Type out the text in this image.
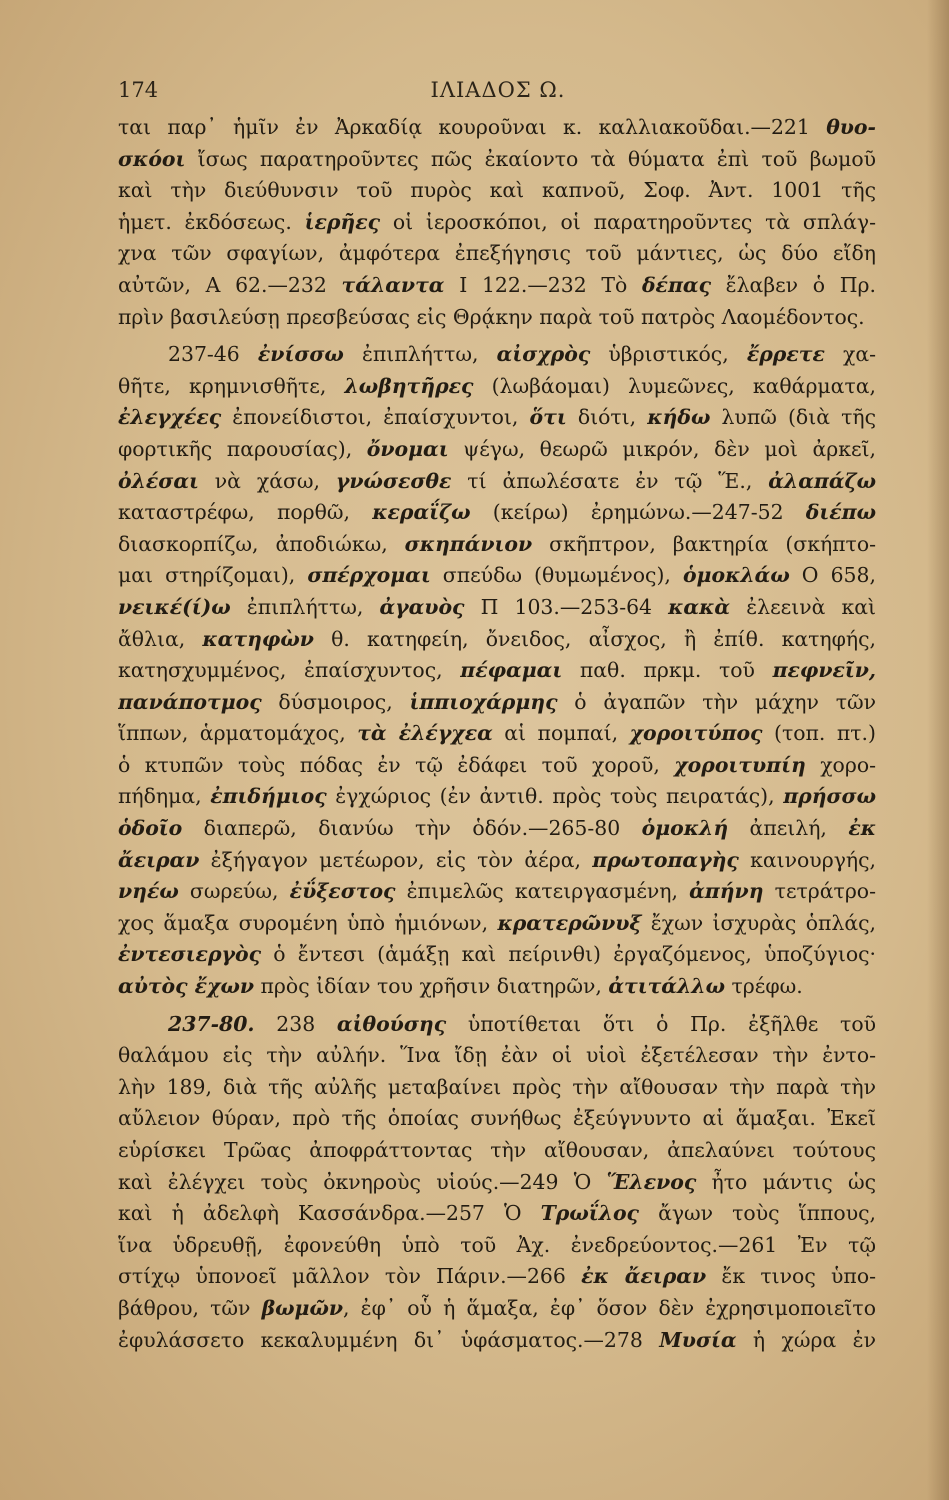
174	ΙΛΙΑΔΟΣ Ω.
ται παρ᾽ ἡμῖν ἐν Ἀρκαδίᾳ κουροῦναι κ. καλλιακοῦδαι.—221 θυο-
σκόοι ἴσως παρατηροῦντες πῶς ἐκαίοντο τὰ θύματα ἐπὶ τοῦ βωμοῦ
καὶ τὴν διεύθυνσιν τοῦ πυρὸς καὶ καπνοῦ, Σοφ. Ἀντ. 1001 τῆς
ἡμετ. ἐκδόσεως. ἱερῆες οἱ ἱεροσκόποι, οἱ παρατηροῦντες τὰ σπλάγ-
χνα τῶν σφαγίων, ἀμφότερα ἐπεξήγησις τοῦ μάντιες, ὡς δύο εἴδη
αὐτῶν, Α 62.—232 τάλαντα Ι 122.—232 Τὸ δέπας ἔλαβεν ὁ Πρ.
πρὶν βασιλεύσῃ πρεσβεύσας εἰς Θρᾴκην παρὰ τοῦ πατρὸς Λαομέδοντος.
237-46 ἐνίσσω ἐπιπλήττω, αἰσχρὸς ὑβριστικός, ἔρρετε χα-
θῆτε, κρημνισθῆτε, λωβητῆρες (λωβάομαι) λυμεῶνες, καθάρματα,
ἐλεγχέες ἐπονείδιστοι, ἐπαίσχυντοι, ὅτι διότι, κήδω λυπῶ (διὰ τῆς
φορτικῆς παρουσίας), ὄνομαι ψέγω, θεωρῶ μικρόν, δὲν μοὶ ἀρκεῖ,
ὀλέσαι νὰ χάσω, γνώσεσθε τί ἀπωλέσατε ἐν τῷ Ἕ., ἀλαπάζω
καταστρέφω, πορθῶ, κεραΐζω (κείρω) ἐρημώνω.—247-52 διέπω
διασκορπίζω, ἀποδιώκω, σκηπάνιον σκῆπτρον, βακτηρία (σκήπτο-
μαι στηρίζομαι), σπέρχομαι σπεύδω (θυμωμένος), ὁμοκλάω Ο 658,
νεικέ(ί)ω ἐπιπλήττω, ἀγαυὸς Π 103.—253-64 κακὰ ἐλεεινὰ καὶ
ἄθλια, κατηφὼν θ. κατηφείη, ὄνειδος, αἶσχος, ἢ ἐπίθ. κατηφής,
κατησχυμμένος, ἐπαίσχυντος, πέφαμαι παθ. πρκμ. τοῦ πεφνεῖν,
πανάποτμος δύσμοιρος, ἱππιοχάρμης ὁ ἀγαπῶν τὴν μάχην τῶν
ἵππων, ἁρματομάχος, τὰ ἐλέγχεα αἱ πομπαί, χοροιτύπος (τοπ. πτ.)
ὁ κτυπῶν τοὺς πόδας ἐν τῷ ἐδάφει τοῦ χοροῦ, χοροιτυπίη χορο-
πήδημα, ἐπιδήμιος ἐγχώριος (ἐν ἀντιθ. πρὸς τοὺς πειρατάς), πρήσσω
ὁδοῖο διαπερῶ, διανύω τὴν ὁδόν.—265-80 ὁμοκλή ἀπειλή, ἐκ
ἄειραν ἐξήγαγον μετέωρον, εἰς τὸν ἀέρα, πρωτοπαγὴς καινουργής,
νηέω σωρεύω, ἐΰξεστος ἐπιμελῶς κατειργασμένη, ἀπήνη τετράτρο-
χος ἅμαξα συρομένη ὑπὸ ἡμιόνων, κρατερῶνυξ ἔχων ἰσχυρὰς ὁπλάς,
ἐντεσιεργὸς ὁ ἔντεσι (ἁμάξῃ καὶ πείρινθι) ἐργαζόμενος, ὑποζύγιος·
αὐτὸς ἔχων πρὸς ἰδίαν του χρῆσιν διατηρῶν, ἀτιτάλλω τρέφω.
237-80. 238 αἰθούσης ὑποτίθεται ὅτι ὁ Πρ. ἐξῆλθε τοῦ
θαλάμου εἰς τὴν αὐλήν. Ἵνα ἴδῃ ἐὰν οἱ υἱοὶ ἐξετέλεσαν τὴν ἐντο-
λὴν 189, διὰ τῆς αὐλῆς μεταβαίνει πρὸς τὴν αἴθουσαν τὴν παρὰ τὴν
αὔλειον θύραν, πρὸ τῆς ὁποίας συνήθως ἐξεύγνυντο αἱ ἅμαξαι. Ἐκεῖ
εὑρίσκει Τρῶας ἀποφράττοντας τὴν αἴθουσαν, ἀπελαύνει τούτους
καὶ ἐλέγχει τοὺς ὀκνηροὺς υἱούς.—249 Ὁ Ἕλενος ἦτο μάντις ὡς
καὶ ἡ ἀδελφὴ Κασσάνδρα.—257 Ὁ Τρωΐλος ἄγων τοὺς ἵππους,
ἵνα ὑδρευθῇ, ἐφονεύθη ὑπὸ τοῦ Ἀχ. ἐνεδρεύοντος.—261 Ἐν τῷ
στίχῳ ὑπονοεῖ μᾶλλον τὸν Πάριν.—266 ἐκ ἄειραν ἔκ τινος ὑπο-
βάθρου, τῶν βωμῶν, ἐφ᾽ οὗ ἡ ἅμαξα, ἐφ᾽ ὅσον δὲν ἐχρησιμοποιεῖτο
ἐφυλάσσετο κεκαλυμμένη δι᾽ ὑφάσματος.—278 Μυσία ἡ χώρα ἐν
